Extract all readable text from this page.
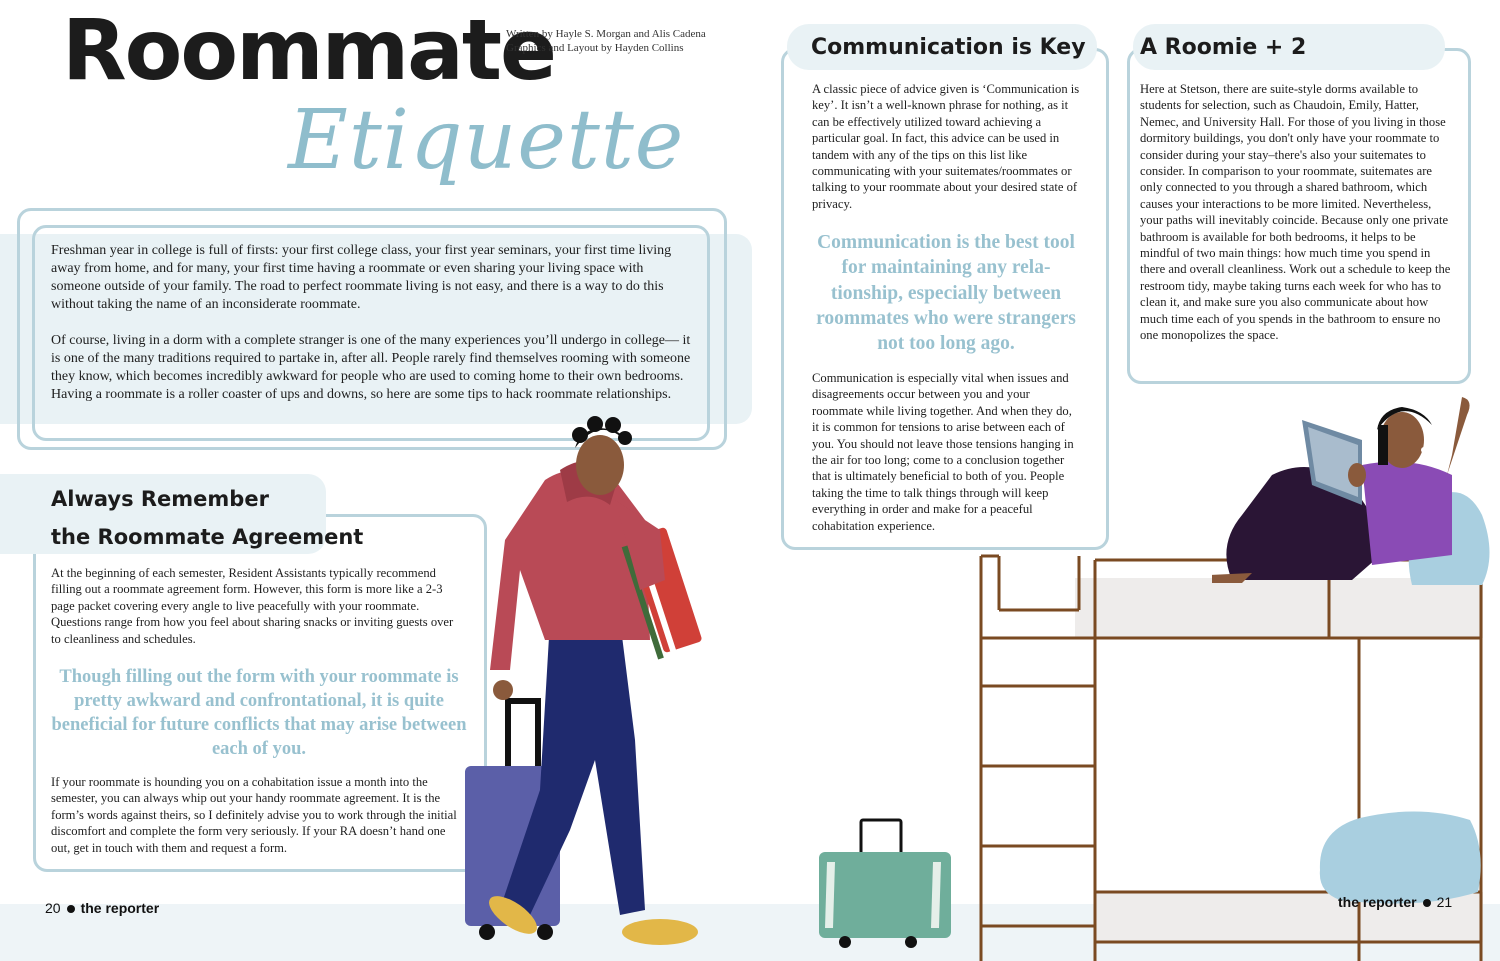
Roommate
Etiquette
Written by Hayle S. Morgan and Alis Cadena
Graphics and Layout by Hayden Collins

Freshman year in college is full of firsts: your first college class, your first year seminars, your first time living away from home, and for many, your first time having a roommate or even sharing your living space with someone outside of your family. The road to perfect roommate living is not easy, and there is a way to do this without taking the name of an inconsiderate roommate.

Of course, living in a dorm with a complete stranger is one of the many experiences you’ll undergo in college— it is one of the many traditions required to partake in, after all. People rarely find themselves rooming with someone they know, which becomes incredibly awkward for people who are used to coming home to their own bedrooms. Having a roommate is a roller coaster of ups and downs, so here are some tips to hack roommate relationships.

Always Remember
the Roommate Agreement
At the beginning of each semester, Resident Assistants typically recommend filling out a roommate agreement form. However, this form is more like a 2-3 page packet covering every angle to live peacefully with your roommate. Questions range from how you feel about sharing snacks or inviting guests over to cleanliness and schedules.
Though filling out the form with your roommate is pretty awkward and confrontational, it is quite beneficial for future conflicts that may arise between each of you.
If your roommate is hounding you on a cohabitation issue a month into the semester, you can always whip out your handy roommate agreement. It is the form’s words against theirs, so I definitely advise you to work through the initial discomfort and complete the form very seriously. If your RA doesn’t hand one out, get in touch with them and request a form.
Communication is Key
A classic piece of advice given is ‘Communication is key’. It isn’t a well-known phrase for nothing, as it can be effectively utilized toward achieving a particular goal. In fact, this advice can be used in tandem with any of the tips on this list like communicating with your suitemates/roommates or talking to your roommate about your desired state of privacy.
Communication is the best tool for maintaining any rela- tionship, especially between roommates who were strangers not too long ago.
Communication is especially vital when issues and disagreements occur between you and your roommate while living together. And when they do, it is common for tensions to arise between each of you. You should not leave those tensions hanging in the air for too long; come to a conclusion together that is ultimately beneficial to both of you. People taking the time to talk things through will keep everything in order and make for a peaceful cohabitation experience.
A Roomie + 2
Here at Stetson, there are suite-style dorms available to students for selection, such as Chaudoin, Emily, Hatter, Nemec, and University Hall. For those of you living in those dormitory buildings, you don't only have your roommate to consider during your stay–there's also your suitemates to consider. In comparison to your roommate, suitemates are only connected to you through a shared bathroom, which causes your interactions to be more limited. Nevertheless, your paths will inevitably coincide. Because only one private bathroom is available for both bedrooms, it helps to be mindful of two main things: how much time you spend in there and overall cleanliness. Work out a schedule to keep the restroom tidy, maybe taking turns each week for who has to clean it, and make sure you also communicate about how much time each of you spends in the bathroom to ensure no one monopolizes the space.
20 the reporter	the reporter 21
